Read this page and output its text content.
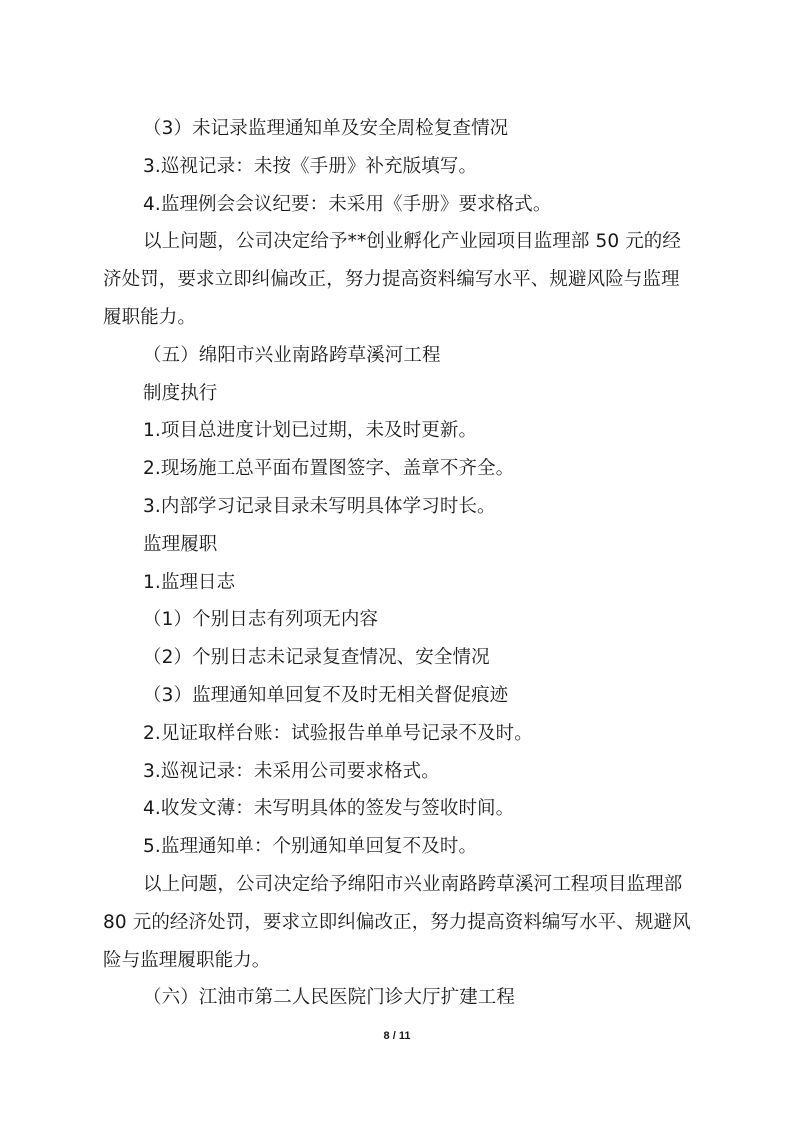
（3）未记录监理通知单及安全周检复查情况
3.巡视记录：未按《手册》补充版填写。
4.监理例会会议纪要：未采用《手册》要求格式。
以上问题，公司决定给予**创业孵化产业园项目监理部 50 元的经
济处罚，要求立即纠偏改正，努力提高资料编写水平、规避风险与监理
履职能力。
（五）绵阳市兴业南路跨草溪河工程
制度执行
1.项目总进度计划已过期，未及时更新。
2.现场施工总平面布置图签字、盖章不齐全。
3.内部学习记录目录未写明具体学习时长。
监理履职
1.监理日志
（1）个别日志有列项无内容
（2）个别日志未记录复查情况、安全情况
（3）监理通知单回复不及时无相关督促痕迹
2.见证取样台账：试验报告单单号记录不及时。
3.巡视记录：未采用公司要求格式。
4.收发文薄：未写明具体的签发与签收时间。
5.监理通知单：个别通知单回复不及时。
以上问题，公司决定给予绵阳市兴业南路跨草溪河工程项目监理部
80 元的经济处罚，要求立即纠偏改正，努力提高资料编写水平、规避风
险与监理履职能力。
（六）江油市第二人民医院门诊大厅扩建工程
8 / 11
